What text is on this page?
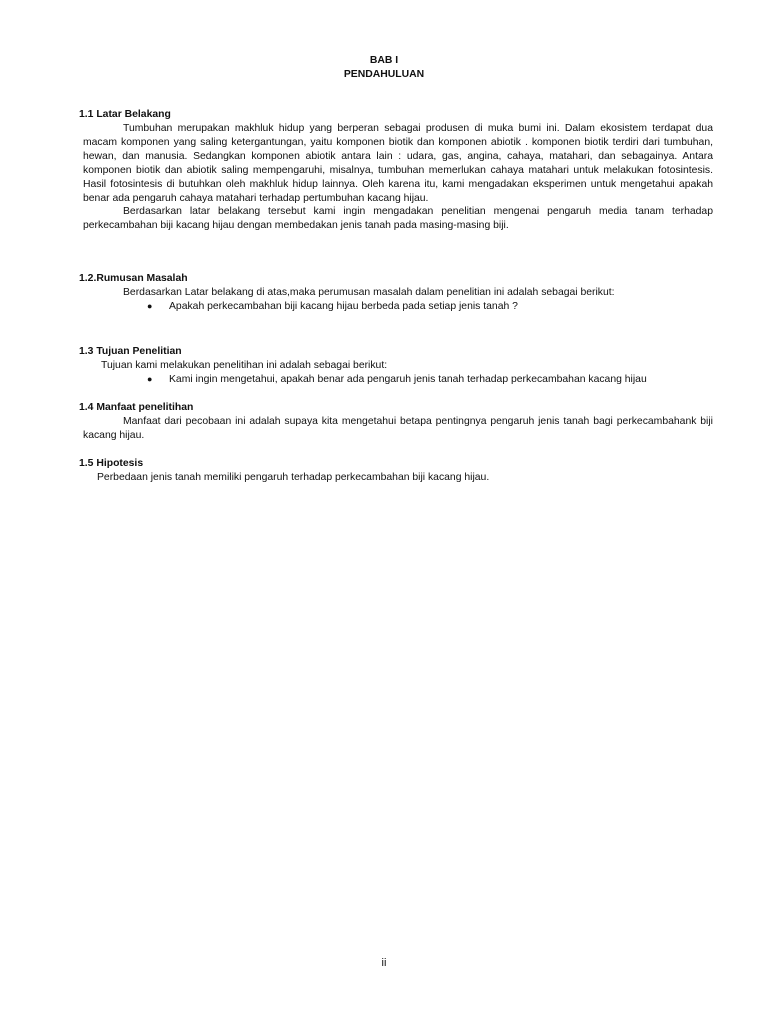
BAB I
PENDAHULUAN

1.1 Latar Belakang

Tumbuhan merupakan makhluk hidup yang berperan sebagai produsen di muka bumi ini. Dalam ekosistem terdapat dua macam komponen yang saling ketergantungan, yaitu komponen biotik dan komponen abiotik . komponen biotik terdiri dari tumbuhan, hewan, dan manusia. Sedangkan komponen abiotik antara lain : udara, gas, angina, cahaya, matahari, dan sebagainya. Antara komponen biotik dan abiotik saling mempengaruhi, misalnya, tumbuhan memerlukan cahaya matahari untuk melakukan fotosintesis. Hasil fotosintesis di butuhkan oleh makhluk hidup lainnya. Oleh karena itu, kami mengadakan eksperimen untuk mengetahui apakah benar ada pengaruh cahaya matahari terhadap pertumbuhan kacang hijau.

Berdasarkan latar belakang tersebut kami ingin mengadakan penelitian mengenai pengaruh media tanam terhadap perkecambahan biji kacang hijau dengan membedakan jenis tanah pada masing-masing biji.

1.2.Rumusan Masalah

Berdasarkan Latar belakang di atas,maka perumusan masalah dalam penelitian ini adalah sebagai berikut:

● Apakah perkecambahan biji kacang hijau berbeda pada setiap jenis tanah ?

1.3 Tujuan Penelitian

Tujuan kami melakukan penelitihan ini adalah sebagai berikut:

● Kami ingin mengetahui, apakah benar ada pengaruh jenis tanah terhadap perkecambahan kacang hijau

1.4 Manfaat penelitihan

Manfaat dari pecobaan ini adalah supaya kita mengetahui betapa pentingnya pengaruh jenis tanah bagi perkecambahank biji kacang hijau.

1.5 Hipotesis

Perbedaan jenis tanah memiliki pengaruh terhadap perkecambahan biji kacang hijau.

ii
